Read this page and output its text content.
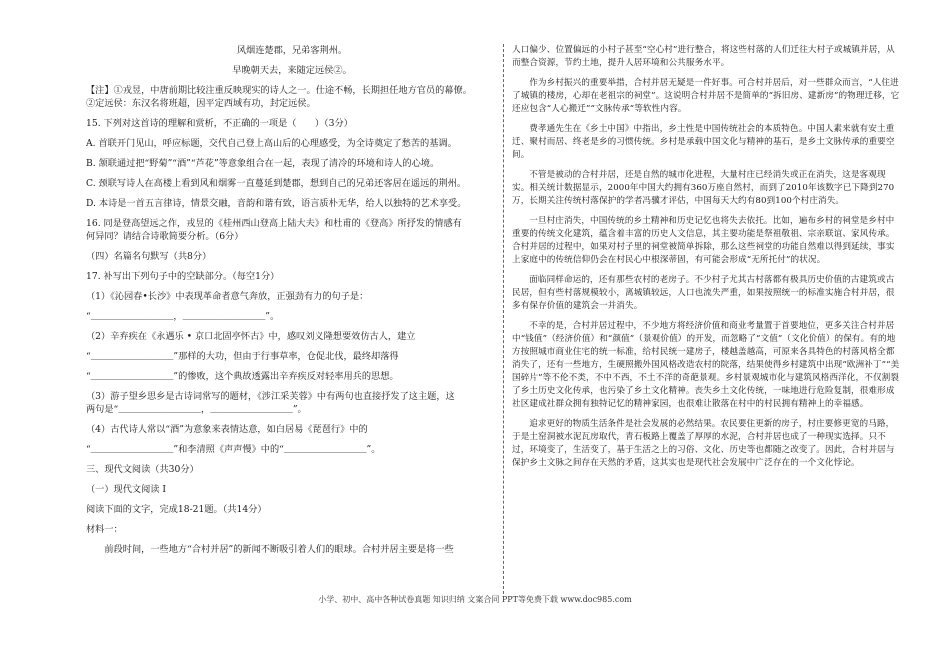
风烟连楚郡，兄弟客荆州。
早晚朝天去，来随定远侯②。
【注】①戎昱，中唐前期比较注重反映现实的诗人之一。仕途不畅，长期担任地方官员的幕僚。
②定远侯：东汉名将班超，因平定西域有功，封定远侯。
15. 下列对这首诗的理解和赏析，不正确的一项是（　　）（3分）
A. 首联开门见山，呼应标题，交代自己登上高山后的心理感受，为全诗奠定了愁苦的基调。
B. 颔联通过把“野菊”“酒”“芦花”等意象组合在一起，表现了清冷的环境和诗人的心境。
C. 颈联写诗人在高楼上看到风和烟雾一直蔓延到楚郡，想到自己的兄弟还客居在遥远的荆州。
D. 本诗是一首五言律诗，情景交融，音韵和谐有致，语言质朴无华，给人以独特的艺术享受。
16. 同是登高望远之作，戎昱的《桂州西山登高上陆大夫》和杜甫的《登高》所抒发的情感有
何异同？请结合诗歌简要分析。（6分）
（四）名篇名句默写（共8分）
17. 补写出下列句子中的空缺部分。（每空1分）
（1）《沁园春•长沙》中表现革命者意气奔放，正强劲有力的句子是：
“＿＿＿＿＿＿＿＿＿，＿＿＿＿＿＿＿＿＿”。
（2）辛弃疾在《永遇乐 • 京口北固亭怀古》中，感叹刘义隆想要效仿古人，建立
“＿＿＿＿＿＿＿＿＿”那样的大功，但由于行事草率，仓促北伐，最终却落得
“＿＿＿＿＿＿＿＿＿”的惨败，这个典故透露出辛弃疾反对轻率用兵的思想。
（3）游子望乡思乡是古诗词常写的题材，《涉江采芙蓉》中有两句也直接抒发了这主题，这
两句是“＿＿＿＿＿＿＿＿＿，＿＿＿＿＿＿＿＿＿”。
（4）古代诗人常以“酒”为意象来表情达意，如白居易《琵琶行》中的
“＿＿＿＿＿＿＿＿＿”和李清照《声声慢》中的“＿＿＿＿＿＿＿＿＿”。
三、现代文阅读（共30分）
（一）现代文阅读 Ⅰ
阅读下面的文字，完成18-21题。（共14分）
材料一：
前段时间，一些地方“合村并居”的新闻不断吸引着人们的眼球。合村并居主要是将一些

人口偏少、位置偏远的小村子甚至“空心村”进行整合，将这些村落的人们迁往大村子或城镇并居，从而整合资源，节约土地，提升人居环境和公共服务水平。

作为乡村振兴的重要举措，合村并居无疑是一件好事。可合村并居后，对一些群众而言，“人住进了城镇的楼房，心却在老祖宗的祠堂”。这说明合村并居不是简单的“拆旧房、建新房”的物理迁移，它还应包含“人心搬迁”“文脉传承”等软性内容。

费孝通先生在《乡土中国》中指出，乡土性是中国传统社会的本质特色。中国人素来就有安土重迁、聚村而居、终老是乡的习惯传统。乡村是承载中国文化与精神的基石，是乡土文脉传承的重要空间。

不管是被动的合村并居，还是自然的城市化进程，大量村庄已经消失或正在消失，这是客观现实。相关统计数据显示，2000年中国大约拥有360万座自然村，而到了2010年该数字已下降到270万，长期关注传统村落保护的学者冯骥才评估，中国每天大约有80到100个村庄消失。

一旦村庄消失，中国传统的乡土精神和历史记忆也将失去依托。比如，遍布乡村的祠堂是乡村中重要的传统文化建筑，蕴含着丰富的历史人文信息，其主要功能是祭祖敬祖、宗亲联谊、家风传承。合村并居的过程中，如果对村子里的祠堂被简单拆除，那么这些祠堂的功能自然难以得到延续，事实上家庭中的传统信仰仍会在村民心中根深蒂固，有可能会形成“无所托付”的状况。

面临同样命运的，还有那些农村的老房子。不少村子尤其古村落都有极具历史价值的古建筑或古民居，但有些村落规模较小，离城镇较远，人口也流失严重，如果按照统一的标准实施合村并居，很多有保存价值的建筑会一并消失。

不幸的是，合村并居过程中，不少地方将经济价值和商业考量置于首要地位，更多关注合村并居中“钱值”（经济价值）和“颜值”（景观价值）的开发，而忽略了“文值”（文化价值）的保有。有的地方按照城市商业住宅的统一标准，给村民统一建房子，楼越盖越高，可原来各具特色的村落风格全都消失了，还有一些地方，生硬照搬外国风格改造农村的院落，结果使得乡村建筑中出现“欧洲补丁”“美国碎片”等不伦不类，不中不西，不土不洋的奇葩景观。乡村景观城市化与建筑风格西洋化，不仅割裂了乡土历史文化传承，也污染了乡土文化精神。丧失乡土文化传统，一味地进行危险复制，很难形成社区建成社群众拥有独特记忆的精神家园，也很难让散落在村中的村民拥有精神上的幸福感。

追求更好的物质生活条件是社会发展的必然结果。农民要住更新的房子，村庄要修更宽的马路，于是土窑洞被水泥瓦房取代，青石板路上覆盖了厚厚的水泥，合村并居也成了一种现实选择。只不过，环境变了，生活变了，基于生活之上的习俗、文化、历史等也都随之改变了。因此，合村并居与保护乡土文脉之间存在天然的矛盾，这其实也是现代社会发展中广泛存在的一个文化悖论。

小学、初中、高中各种试卷真题 知识归纳 文案合同 PPT等免费下载 www.doc985.com
